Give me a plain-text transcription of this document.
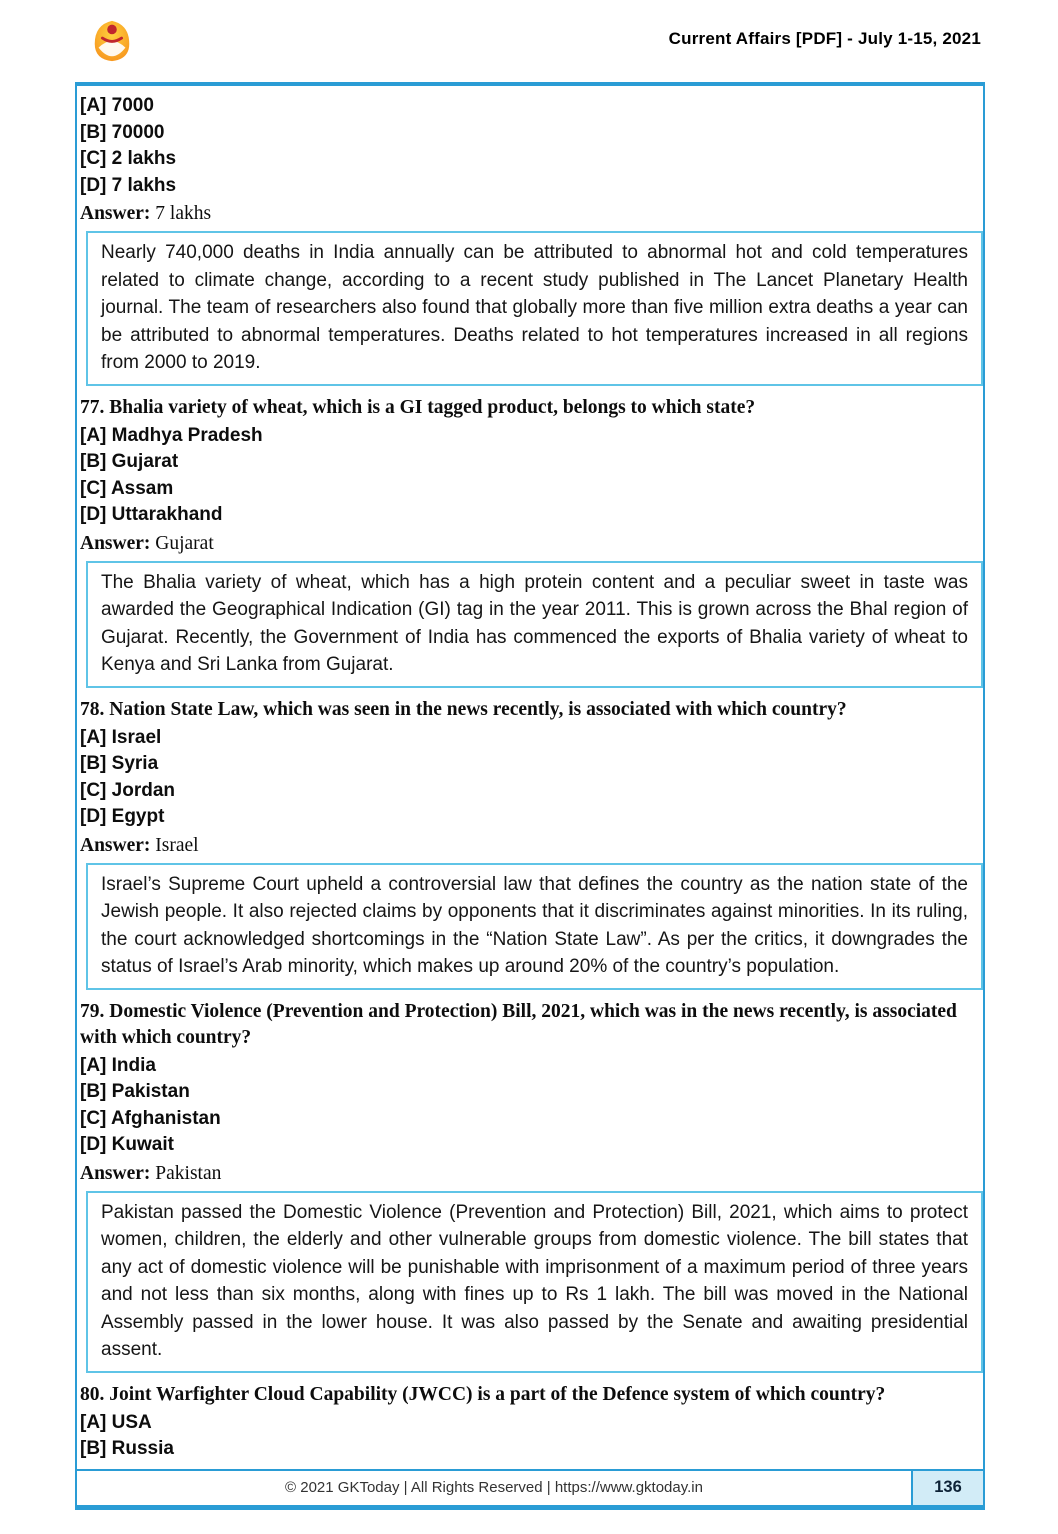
Current Affairs [PDF] - July 1-15, 2021
[A] 7000
[B] 70000
[C] 2 lakhs
[D] 7 lakhs
Answer: 7 lakhs
Nearly 740,000 deaths in India annually can be attributed to abnormal hot and cold temperatures related to climate change, according to a recent study published in The Lancet Planetary Health journal. The team of researchers also found that globally more than five million extra deaths a year can be attributed to abnormal temperatures. Deaths related to hot temperatures increased in all regions from 2000 to 2019.
77. Bhalia variety of wheat, which is a GI tagged product, belongs to which state?
[A] Madhya Pradesh
[B] Gujarat
[C] Assam
[D] Uttarakhand
Answer: Gujarat
The Bhalia variety of wheat, which has a high protein content and a peculiar sweet in taste was awarded the Geographical Indication (GI) tag in the year 2011. This is grown across the Bhal region of Gujarat. Recently, the Government of India has commenced the exports of Bhalia variety of wheat to Kenya and Sri Lanka from Gujarat.
78. Nation State Law, which was seen in the news recently, is associated with which country?
[A] Israel
[B] Syria
[C] Jordan
[D] Egypt
Answer: Israel
Israel’s Supreme Court upheld a controversial law that defines the country as the nation state of the Jewish people. It also rejected claims by opponents that it discriminates against minorities. In its ruling, the court acknowledged shortcomings in the “Nation State Law”. As per the critics, it downgrades the status of Israel’s Arab minority, which makes up around 20% of the country’s population.
79. Domestic Violence (Prevention and Protection) Bill, 2021, which was in the news recently, is associated with which country?
[A] India
[B] Pakistan
[C] Afghanistan
[D] Kuwait
Answer: Pakistan
Pakistan passed the Domestic Violence (Prevention and Protection) Bill, 2021, which aims to protect women, children, the elderly and other vulnerable groups from domestic violence. The bill states that any act of domestic violence will be punishable with imprisonment of a maximum period of three years and not less than six months, along with fines up to Rs 1 lakh. The bill was moved in the National Assembly passed in the lower house. It was also passed by the Senate and awaiting presidential assent.
80. Joint Warfighter Cloud Capability (JWCC) is a part of the Defence system of which country?
[A] USA
[B] Russia
© 2021 GKToday | All Rights Reserved | https://www.gktoday.in	136
